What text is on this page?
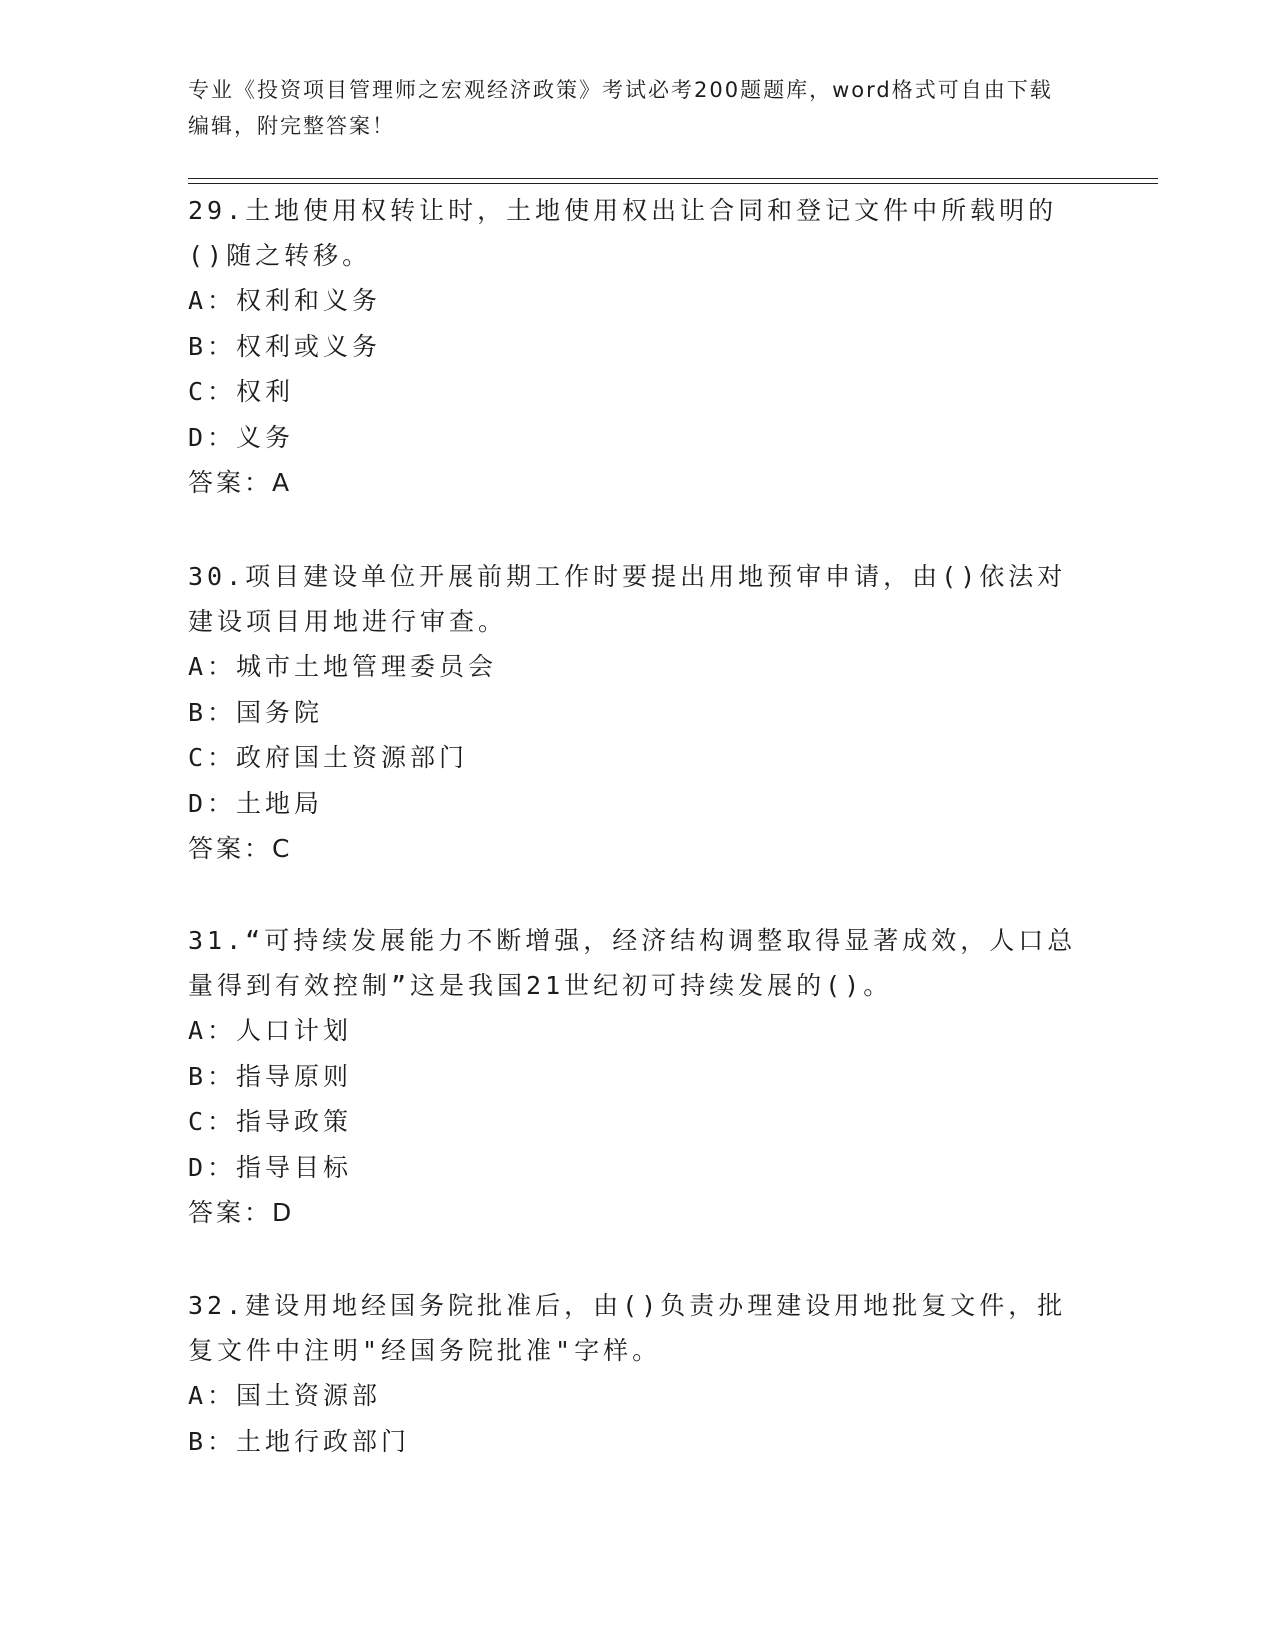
专业《投资项目管理师之宏观经济政策》考试必考200题题库，word格式可自由下载编辑，附完整答案！
29.土地使用权转让时，土地使用权出让合同和登记文件中所载明的()随之转移。
A：权利和义务
B：权利或义务
C：权利
D：义务
答案：A
30.项目建设单位开展前期工作时要提出用地预审申请，由()依法对建设项目用地进行审查。
A：城市土地管理委员会
B：国务院
C：政府国土资源部门
D：土地局
答案：C
31.“可持续发展能力不断增强，经济结构调整取得显著成效，人口总量得到有效控制”这是我国21世纪初可持续发展的()。
A：人口计划
B：指导原则
C：指导政策
D：指导目标
答案：D
32.建设用地经国务院批准后，由()负责办理建设用地批复文件，批复文件中注明"经国务院批准"字样。
A：国土资源部
B：土地行政部门
